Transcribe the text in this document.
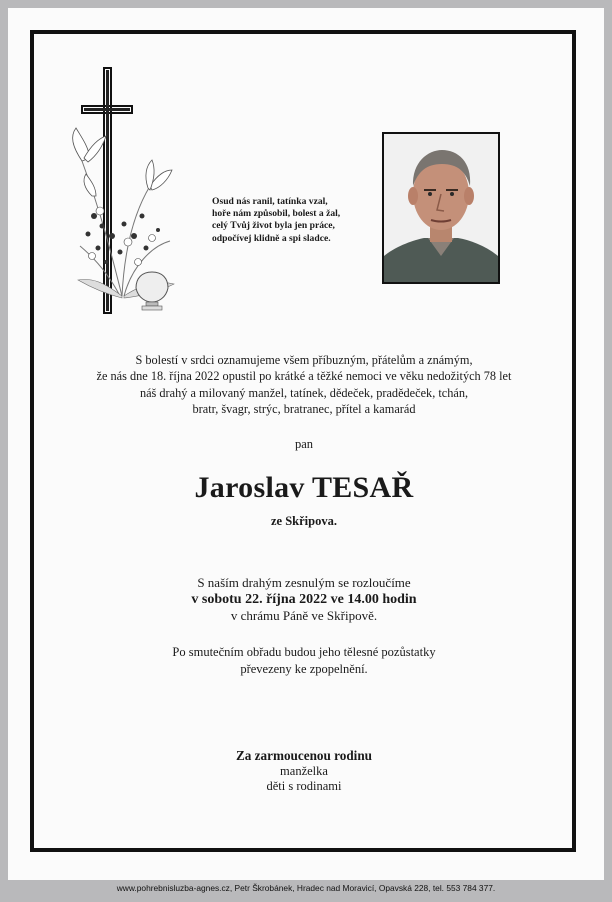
Osud nás ranil, tatínka vzal,
hoře nám způsobil, bolest a žal,
celý Tvůj život byla jen práce,
odpočívej klidně a spi sladce.
S bolestí v srdci oznamujeme všem příbuzným, přátelům a známým,
že nás dne 18. října 2022 opustil po krátké a těžké nemoci ve věku nedožitých 78 let
náš drahý a milovaný manžel, tatínek, dědeček, pradědeček, tchán,
bratr, švagr, strýc, bratranec, přítel a kamarád
pan
Jaroslav TESAŘ
ze Skřipova.
S naším drahým zesnulým se rozloučíme
v sobotu 22. října 2022 ve 14.00 hodin
v chrámu Páně ve Skřipově.
Po smutečním obřadu budou jeho tělesné pozůstatky
převezeny ke zpopelnění.
Za zarmoucenou rodinu
manželka
děti s rodinami
www.pohrebnisluzba-agnes.cz, Petr Škrobánek, Hradec nad Moravicí, Opavská 228, tel. 553 784 377.
